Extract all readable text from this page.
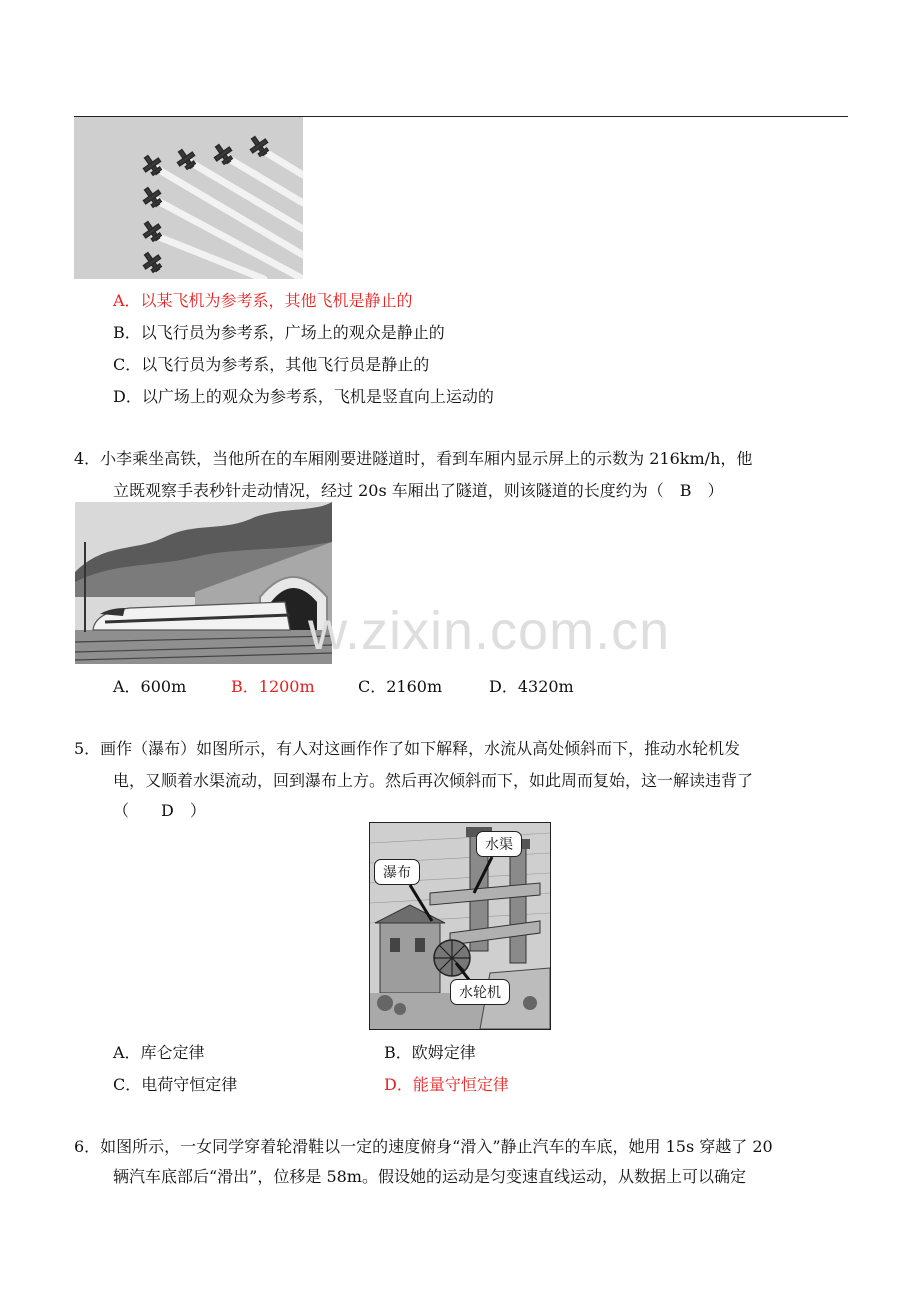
A．以某飞机为参考系，其他飞机是静止的
B．以飞行员为参考系，广场上的观众是静止的
C．以飞行员为参考系，其他飞行员是静止的
D．以广场上的观众为参考系，飞机是竖直向上运动的
4．小李乘坐高铁，当他所在的车厢刚要进隧道时，看到车厢内显示屏上的示数为 216km/h，他
立既观察手表秒针走动情况，经过 20s 车厢出了隧道，则该隧道的长度约为（　B　）
w.zixin.com.cn
A．600m	B．1200m	C．2160m	D．4320m
5．画作（瀑布）如图所示，有人对这画作作了如下解释，水流从高处倾斜而下，推动水轮机发
电，又顺着水渠流动，回到瀑布上方。然后再次倾斜而下，如此周而复始，这一解读违背了
（　　D　）
瀑布
水渠
水轮机
A．库仑定律	B．欧姆定律
C．电荷守恒定律	D．能量守恒定律
6．如图所示，一女同学穿着轮滑鞋以一定的速度俯身“滑入”静止汽车的车底，她用 15s 穿越了 20
辆汽车底部后“滑出”，位移是 58m。假设她的运动是匀变速直线运动，从数据上可以确定
